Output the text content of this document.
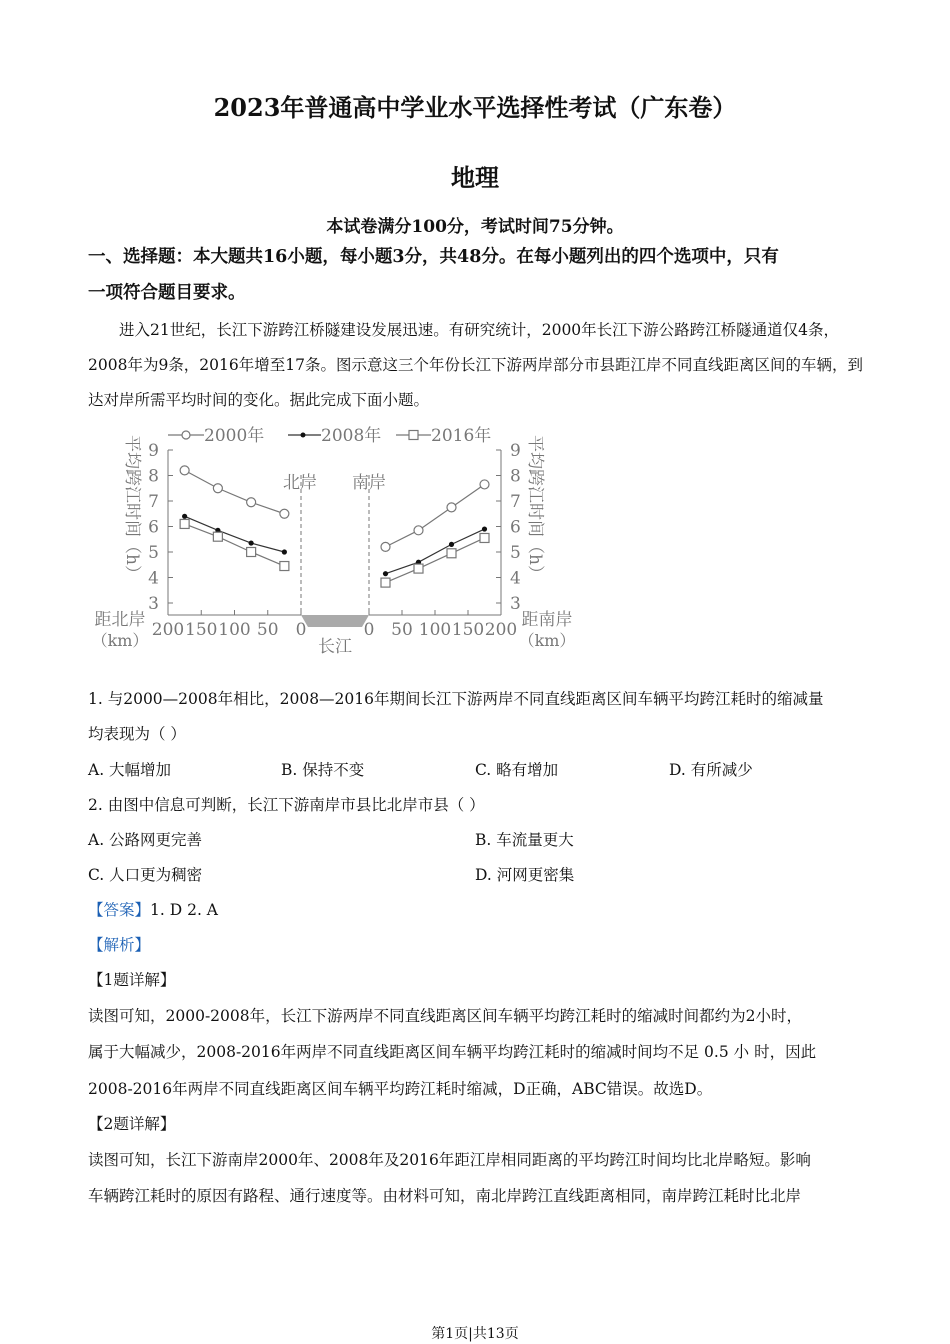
2023年普通高中学业水平选择性考试（广东卷）
地理
本试卷满分100分，考试时间75分钟。
一、选择题：本大题共16小题，每小题3分，共48分。在每小题列出的四个选项中，只有
一项符合题目要求。
进入21世纪，长江下游跨江桥隧建设发展迅速。有研究统计，2000年长江下游公路跨江桥隧通道仅4条，2008年为9条，2016年增至17条。图示意这三个年份长江下游两岸部分市县距江岸不同直线距离区间的车辆，到达对岸所需平均时间的变化。据此完成下面小题。
2000年	2008年	2016年
长江
北岸 南岸
平均跨江时间（h）	平均跨江时间（h）
距北岸
（km）
距南岸
（km）
3	3
4	4
5	5
6	6
7	7
8	8
9	9
200 150 100 50 0	0 50 100 150 200
1. 与2000—2008年相比，2008—2016年期间长江下游两岸不同直线距离区间车辆平均跨江耗时的缩减量
均表现为（ ）
A. 大幅增加	B. 保持不变	C. 略有增加	D. 有所减少
2. 由图中信息可判断，长江下游南岸市县比北岸市县（ ）
A. 公路网更完善	B. 车流量更大
C. 人口更为稠密	D. 河网更密集
【答案】1. D 2. A
【解析】
【1题详解】
读图可知，2000-2008年，长江下游两岸不同直线距离区间车辆平均跨江耗时的缩减时间都约为2小时，
属于大幅减少，2008-2016年两岸不同直线距离区间车辆平均跨江耗时的缩减时间均不足 0.5 小 时，因此
2008-2016年两岸不同直线距离区间车辆平均跨江耗时缩减，D正确，ABC错误。故选D。
【2题详解】
读图可知，长江下游南岸2000年、2008年及2016年距江岸相同距离的平均跨江时间均比北岸略短。影响
车辆跨江耗时的原因有路程、通行速度等。由材料可知，南北岸跨江直线距离相同，南岸跨江耗时比北岸
第1页|共13页
